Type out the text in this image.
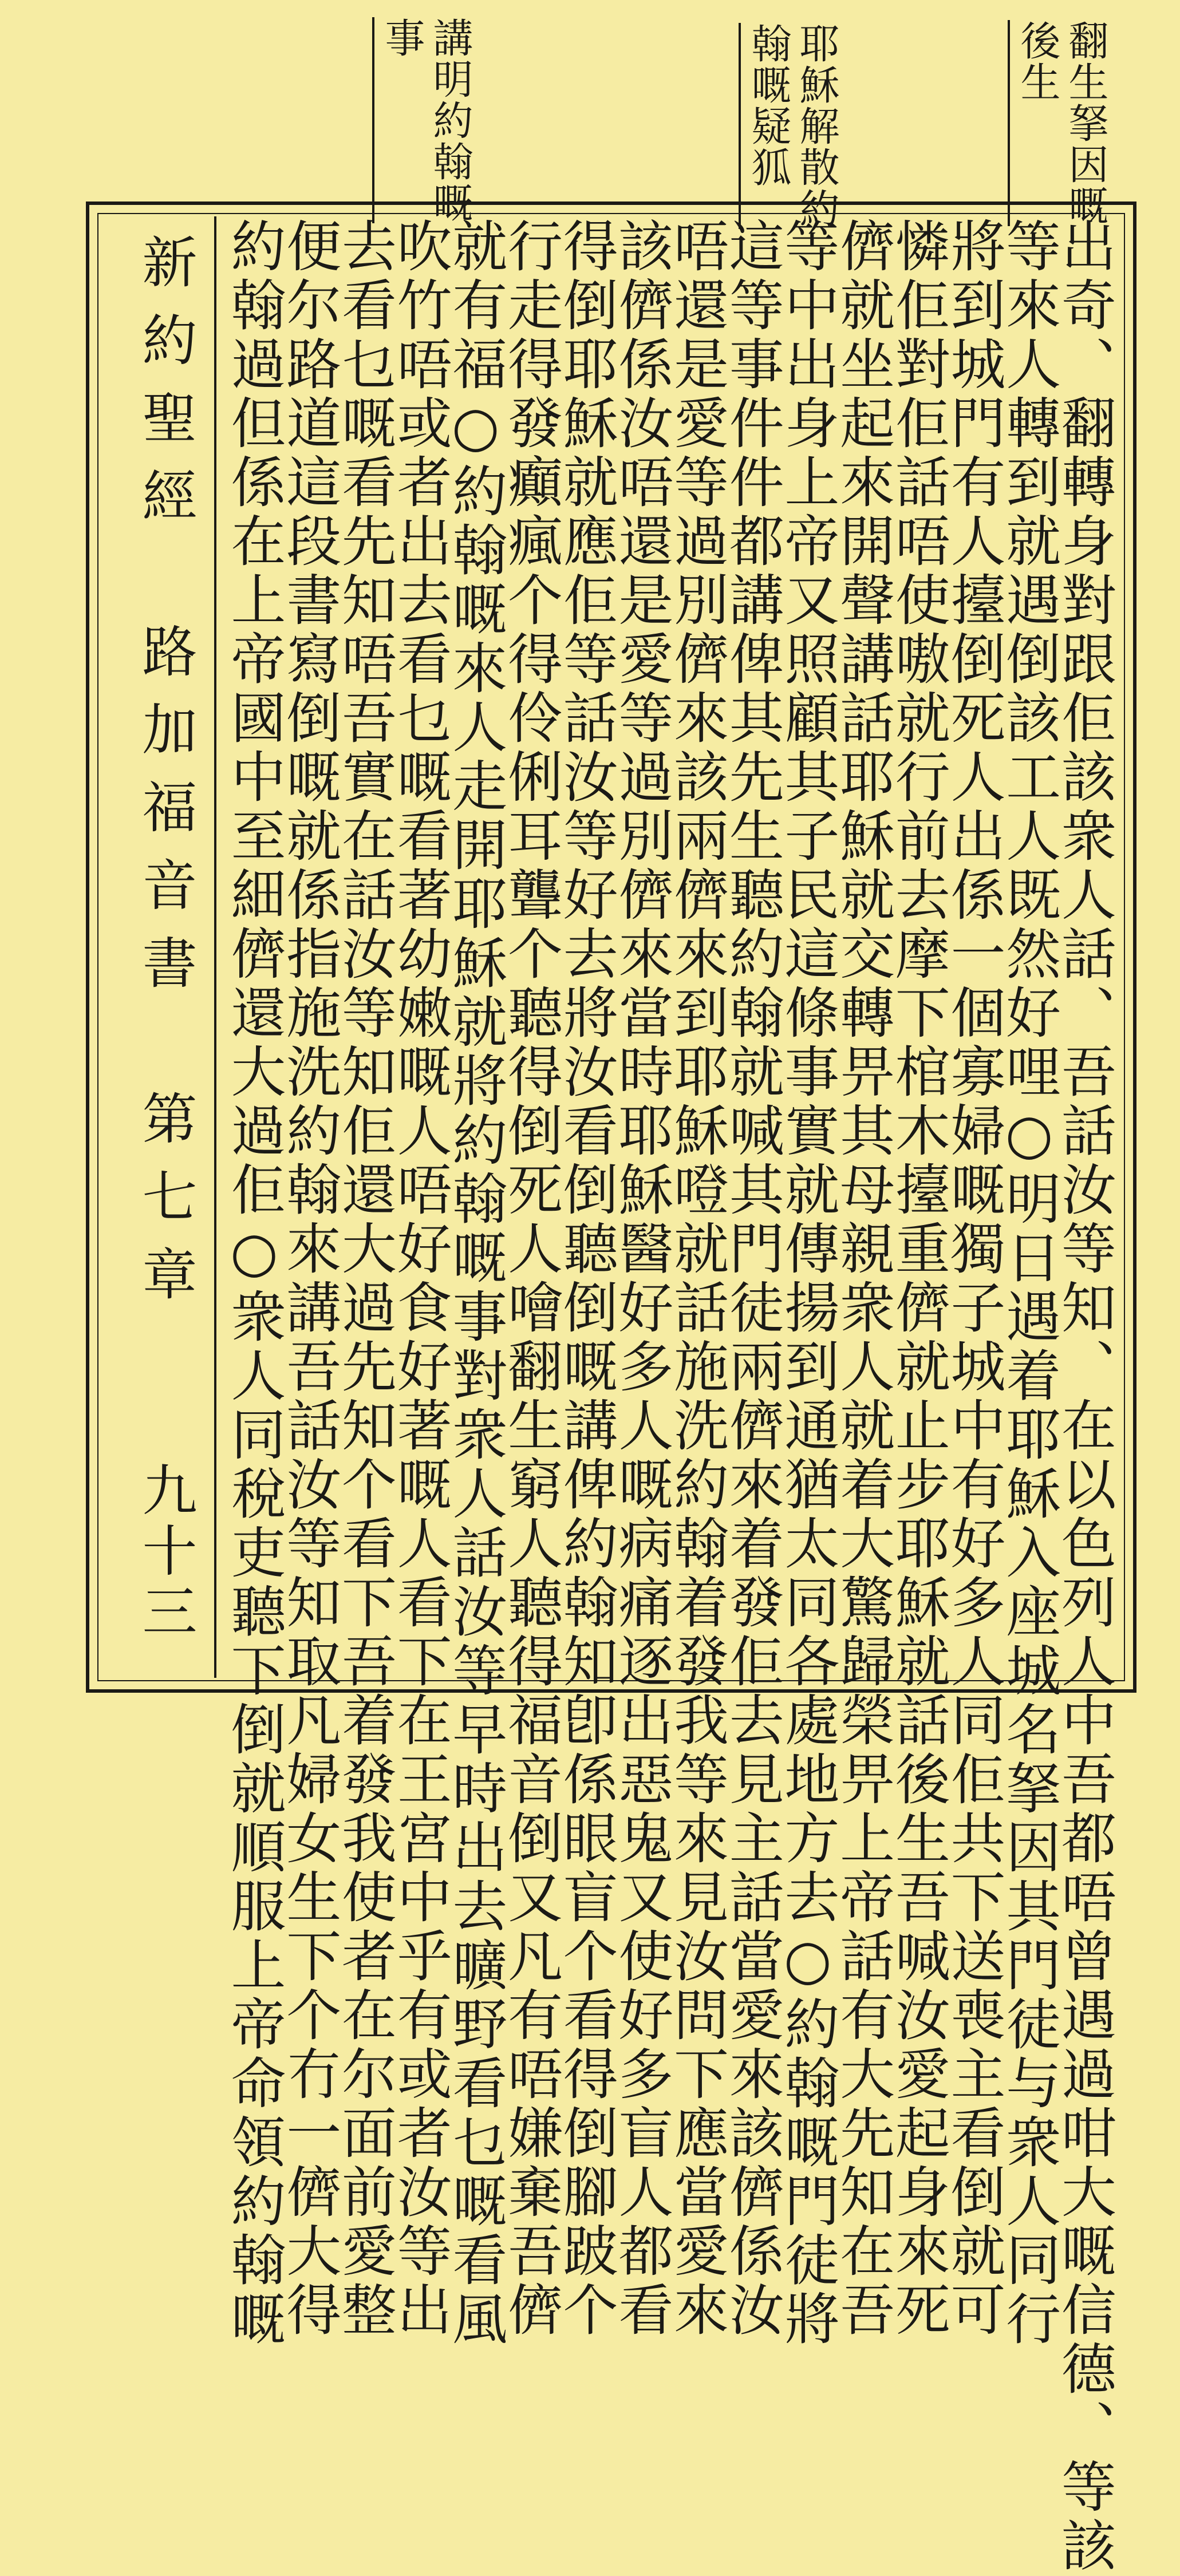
翻生拏因嘅
後生
耶穌解散約
翰嘅疑狐
講明約翰嘅
事
新約聖經　路加福音書　第七章
九十三	出奇、翻轉身對跟佢該衆人話、吾話汝等知、在以色列人中吾都唔曾遇過咁大嘅信德、等該
等來人轉到就遇倒該工人既然好哩○明日遇着耶穌入座城名拏因其門徒与衆人同行
將到城門有人擡倒死人出係一個寡婦嘅獨子城中有好多人同佢共下送喪主看倒就可
憐佢對佢話唔使嗷就行前去摩下棺木擡重儕就止步耶穌就話後生吾喊汝愛起身來死
儕就坐起來開聲講話耶穌就交轉畀其母親衆人就着大驚歸榮畀上帝話有大先知在吾
等中出身上帝又照顧其子民這條事實就傳揚到通猶太同各處地方去○約翰嘅門徒將
這等事件件都講俾其先生聽約翰就喊其門徒兩儕來着發佢去見主話當愛來該儕係汝
唔還是愛等過別儕來該兩儕來到耶穌噔就話施洗約翰着發我等來見汝問下應當愛來
該儕係汝唔還是愛等過別儕來當時耶穌醫好多人嘅病痛逐出惡鬼又使好多盲人都看
得倒耶穌就應佢等話汝等好去將汝看倒聽倒嘅講俾約翰知卽係眼盲个看得倒腳跛个
行走得發癲瘋个得伶俐耳聾个聽得倒死人噲翻生窮人聽得福音倒又凡有唔嫌棄吾儕
就有福○約翰嘅來人走開耶穌就將約翰嘅事對衆人話汝等早時出去曠野看乜嘅看風
吹竹唔或者出去看乜嘅看著幼嫩嘅人唔好食好著嘅人看下在王宮中乎有或者汝等出
去看乜嘅看先知唔吾實在話汝等知佢還大過先知个看下吾着發我使者在尔面前愛整
便尔路道這段書寫倒嘅就係指施洗約翰來講吾話汝等知取凡婦女生下个冇一儕大得
約翰過但係在上帝國中至細儕還大過佢○衆人同稅吏聽下倒就順服上帝命領約翰嘅
